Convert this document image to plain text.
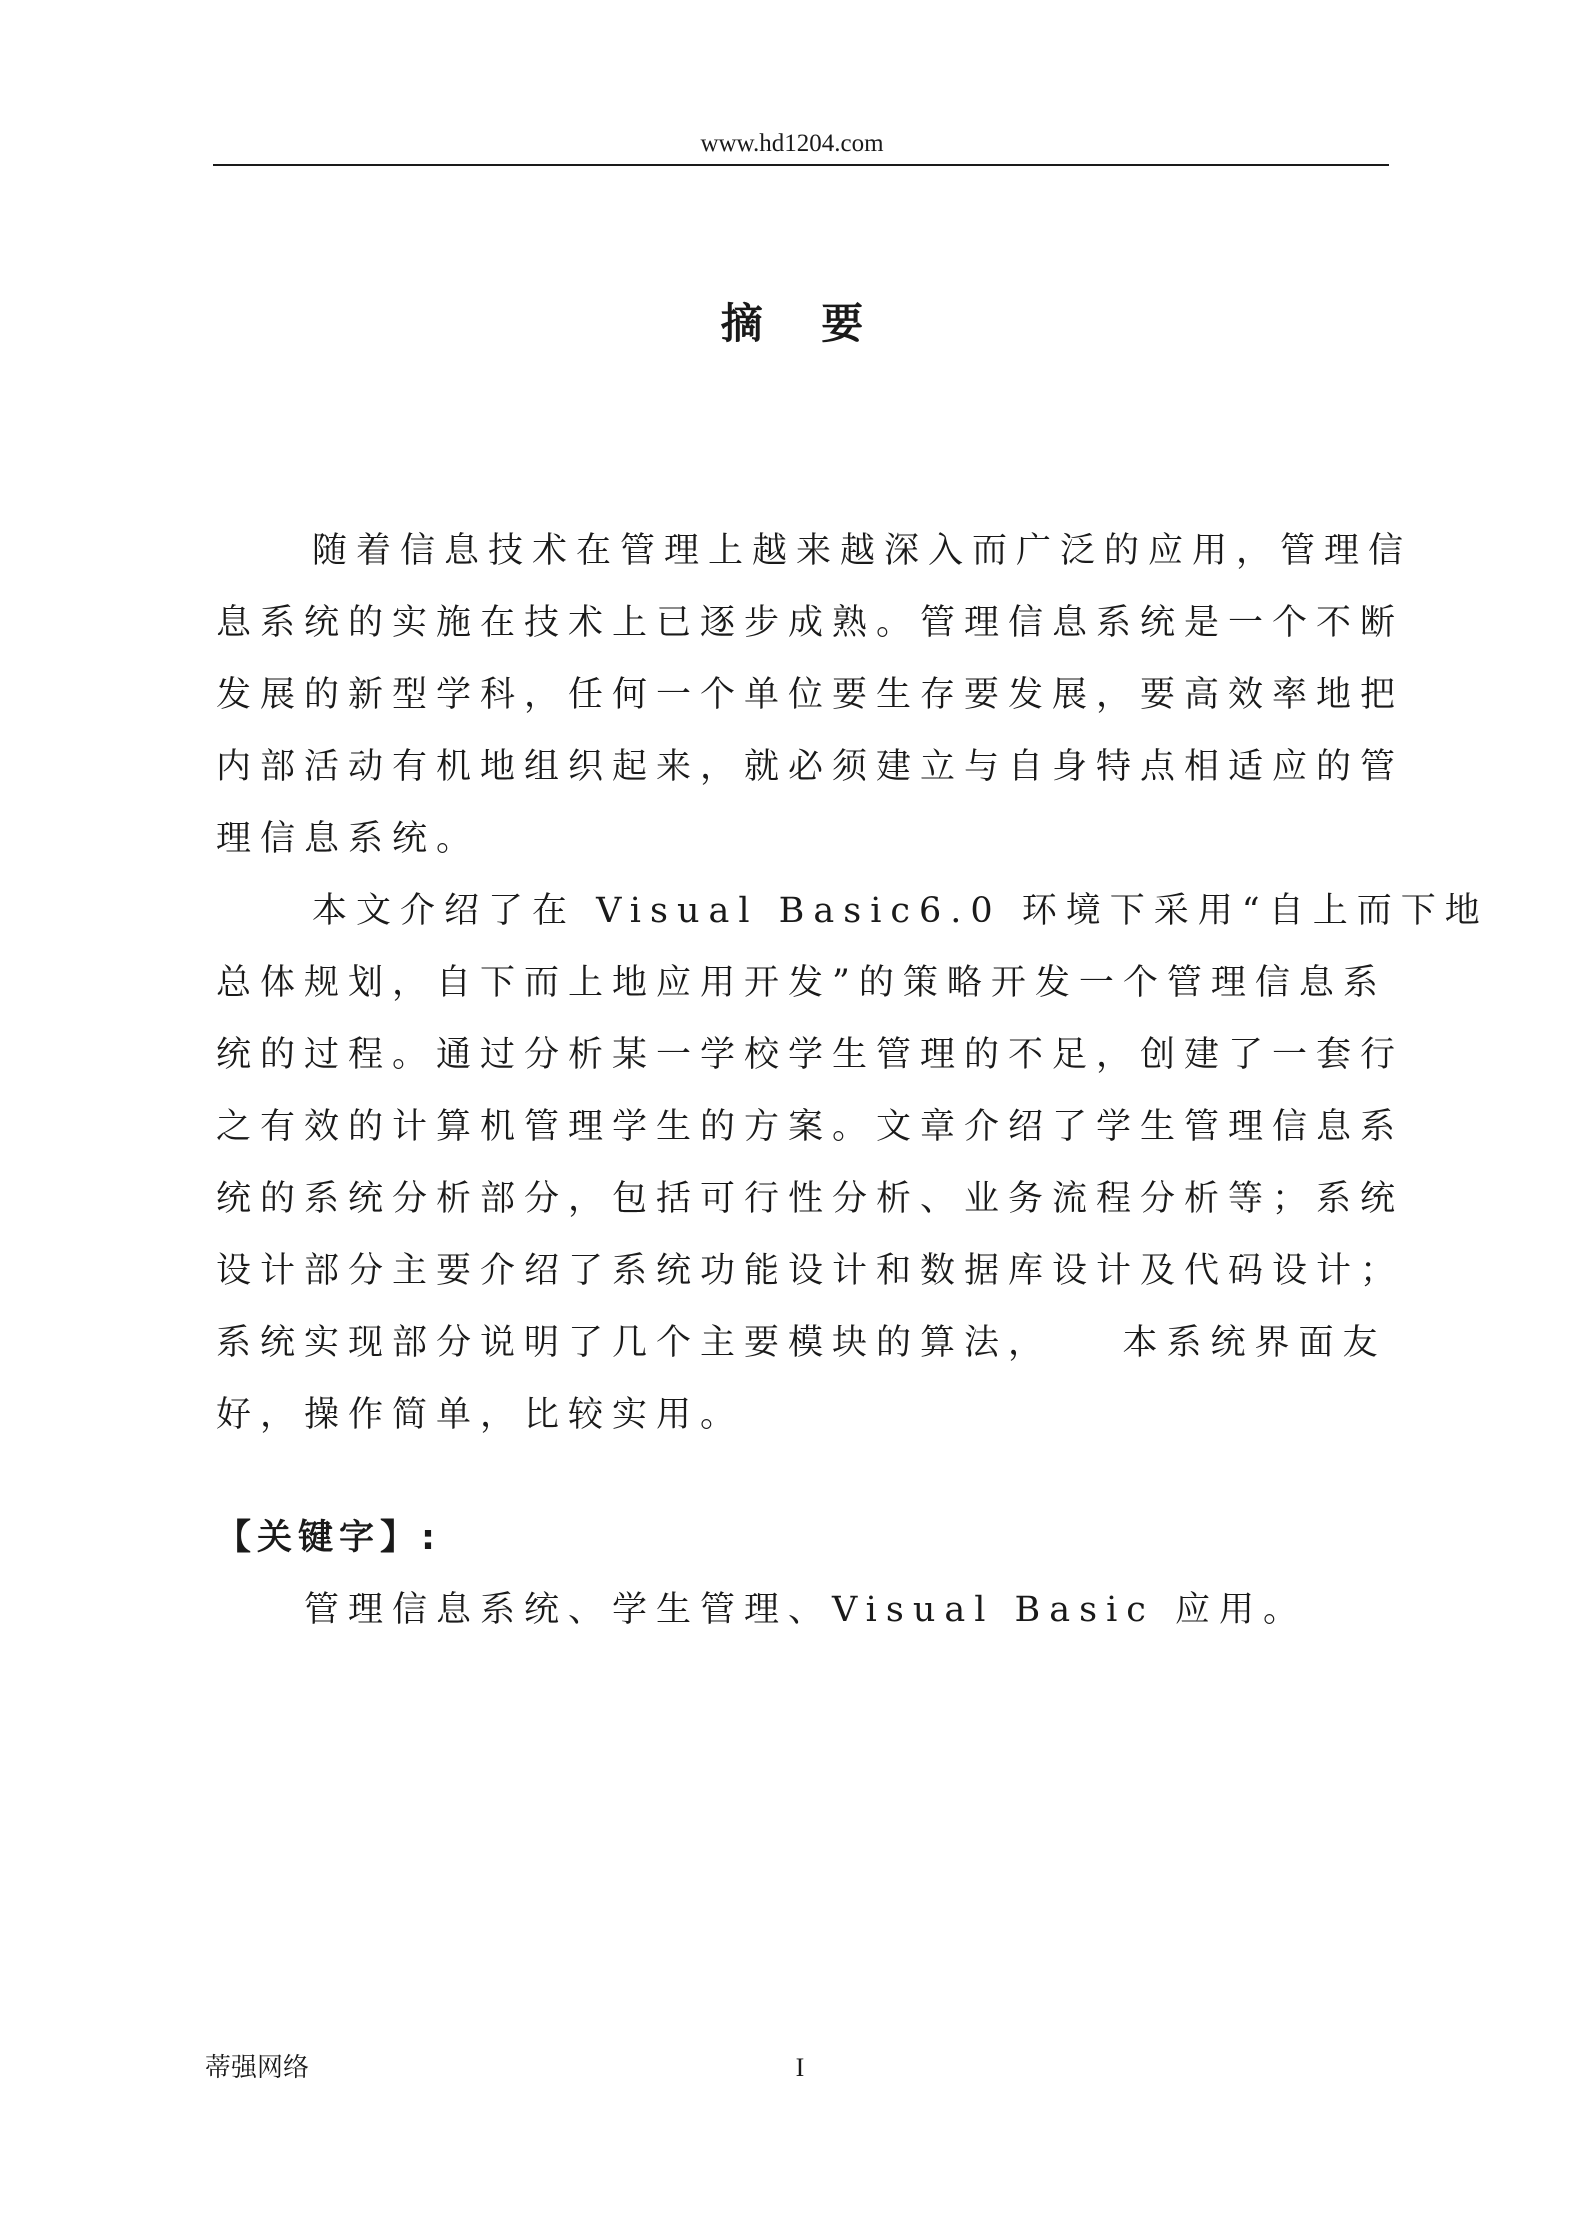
www.hd1204.com
摘 要
随着信息技术在管理上越来越深入而广泛的应用，管理信
息系统的实施在技术上已逐步成熟。管理信息系统是一个不断
发展的新型学科，任何一个单位要生存要发展，要高效率地把
内部活动有机地组织起来，就必须建立与自身特点相适应的管
理信息系统。
本文介绍了在 Visual Basic6.0 环境下采用“自上而下地
总体规划，自下而上地应用开发”的策略开发一个管理信息系
统的过程。通过分析某一学校学生管理的不足，创建了一套行
之有效的计算机管理学生的方案。文章介绍了学生管理信息系
统的系统分析部分，包括可行性分析、业务流程分析等；系统
设计部分主要介绍了系统功能设计和数据库设计及代码设计；
系统实现部分说明了几个主要模块的算法，　　本系统界面友
好，操作简单，比较实用。
【关键字】:
管理信息系统、学生管理、Visual Basic 应用。
蒂强网络	I
